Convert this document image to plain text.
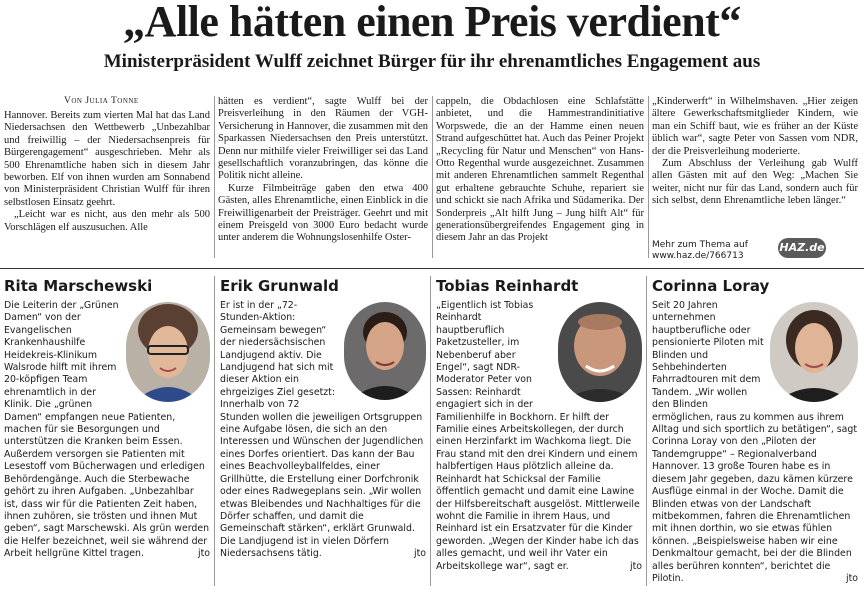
„Alle hätten einen Preis verdient“
Ministerpräsident Wulff zeichnet Bürger für ihr ehrenamtliches Engagement aus
Von Julia Tonne

Hannover. Bereits zum vierten Mal hat das Land Niedersachsen den Wettbewerb „Unbezahlbar und freiwillig – der Niedersachsenpreis für Bürgerengagement“ ausgeschrieben. Mehr als 500 Ehrenamtliche haben sich in diesem Jahr beworben. Elf von ihnen wurden am Sonnabend von Ministerpräsident Christian Wulff für ihren selbstlosen Einsatz geehrt.

„Leicht war es nicht, aus den mehr als 500 Vorschlägen elf auszusuchen. Alle

hätten es verdient“, sagte Wulff bei der Preisverleihung in den Räumen der VGH-Versicherung in Hannover, die zusammen mit den Sparkassen Niedersachsen den Preis unterstützt. Denn nur mithilfe vieler Freiwilliger sei das Land gesellschaftlich voranzubringen, das könne die Politik nicht alleine.

Kurze Filmbeiträge gaben den etwa 400 Gästen, alles Ehrenamtliche, einen Einblick in die Freiwilligenarbeit der Preisträger. Geehrt und mit einem Preisgeld von 3000 Euro bedacht wurde unter anderem die Wohnungslosenhilfe Oster-

cappeln, die Obdachlosen eine Schlafstätte anbietet, und die Hammestrandinitiative Worpswede, die an der Hamme einen neuen Strand aufgeschüttet hat. Auch das Peiner Projekt „Recycling für Natur und Menschen“ von Hans-Otto Regenthal wurde ausgezeichnet. Zusammen mit anderen Ehrenamtlichen sammelt Regenthal gut erhaltene gebrauchte Schuhe, repariert sie und schickt sie nach Afrika und Südamerika. Der Sonderpreis „Alt hilft Jung – Jung hilft Alt“ für generationsübergreifendes Engagement ging in diesem Jahr an das Projekt

„Kinderwerft“ in Wilhelmshaven. „Hier zeigen ältere Gewerkschaftsmitglieder Kindern, wie man ein Schiff baut, wie es früher an der Küste üblich war“, sagte Peter von Sassen vom NDR, der die Preisverleihung moderierte.

Zum Abschluss der Verleihung gab Wulff allen Gästen mit auf den Weg: „Machen Sie weiter, nicht nur für das Land, sondern auch für sich selbst, denn Ehrenamtliche leben länger.“

Mehr zum Thema auf
www.haz.de/766713
HAZ.de
Rita Marschewski
Die Leiterin der „Grünen Damen“ von der Evangelischen Krankenhaushilfe Heidekreis-Klinikum Walsrode hilft mit ihrem 20-köpfigen Team ehrenamtlich in der Klinik. Die „grünen Damen“ empfangen neue Patienten, machen für sie Besorgungen und unterstützen die Kranken beim Essen. Außerdem versorgen sie Patienten mit Lesestoff vom Bücherwagen und erledigen Behördengänge. Auch die Sterbewache gehört zu ihren Aufgaben. „Unbezahlbar ist, dass wir für die Patienten Zeit haben, ihnen zuhören, sie trösten und ihnen Mut geben“, sagt Marschewski. Als grün werden die Helfer bezeichnet, weil sie während der Arbeit hellgrüne Kittel tragen.	jto
Erik Grunwald
Er ist in der „72-Stunden-Aktion: Gemeinsam bewegen“ der niedersächsischen Landjugend aktiv. Die Landjugend hat sich mit dieser Aktion ein ehrgeiziges Ziel gesetzt: Innerhalb von 72 Stunden wollen die jeweiligen Ortsgruppen eine Aufgabe lösen, die sich an den Interessen und Wünschen der Jugendlichen eines Dorfes orientiert. Das kann der Bau eines Beachvolleyballfeldes, einer Grillhütte, die Erstellung einer Dorfchronik oder eines Radwegeplans sein. „Wir wollen etwas Bleibendes und Nachhaltiges für die Dörfer schaffen, und damit die Gemeinschaft stärken“, erklärt Grunwald. Die Landjugend ist in vielen Dörfern Niedersachsens tätig.	jto
Tobias Reinhardt
„Eigentlich ist Tobias Reinhardt hauptberuflich Paketzusteller, im Nebenberuf aber Engel“, sagt NDR-Moderator Peter von Sassen: Reinhardt engagiert sich in der Familienhilfe in Bockhorn. Er hilft der Familie eines Arbeitskollegen, der durch einen Herzinfarkt im Wachkoma liegt. Die Frau stand mit den drei Kindern und einem halbfertigen Haus plötzlich alleine da. Reinhardt hat Schicksal der Familie öffentlich gemacht und damit eine Lawine der Hilfsbereitschaft ausgelöst. Mittlerweile wohnt die Familie in ihrem Haus, und Reinhard ist ein Ersatzvater für die Kinder geworden. „Wegen der Kinder habe ich das alles gemacht, und weil ihr Vater ein Arbeitskollege war“, sagt er.	jto
Corinna Loray
Seit 20 Jahren unternehmen hauptberufliche oder pensionierte Piloten mit Blinden und Sehbehinderten Fahrradtouren mit dem Tandem. „Wir wollen den Blinden ermöglichen, raus zu kommen aus ihrem Alltag und sich sportlich zu betätigen“, sagt Corinna Loray von den „Piloten der Tandemgruppe“ – Regionalverband Hannover. 13 große Touren habe es in diesem Jahr gegeben, dazu kämen kürzere Ausflüge einmal in der Woche. Damit die Blinden etwas von der Landschaft mitbekommen, fahren die Ehrenamtlichen mit ihnen dorthin, wo sie etwas fühlen können. „Beispielsweise haben wir eine Denkmaltour gemacht, bei der die Blinden alles berühren konnten“, berichtet die Pilotin.	jto
